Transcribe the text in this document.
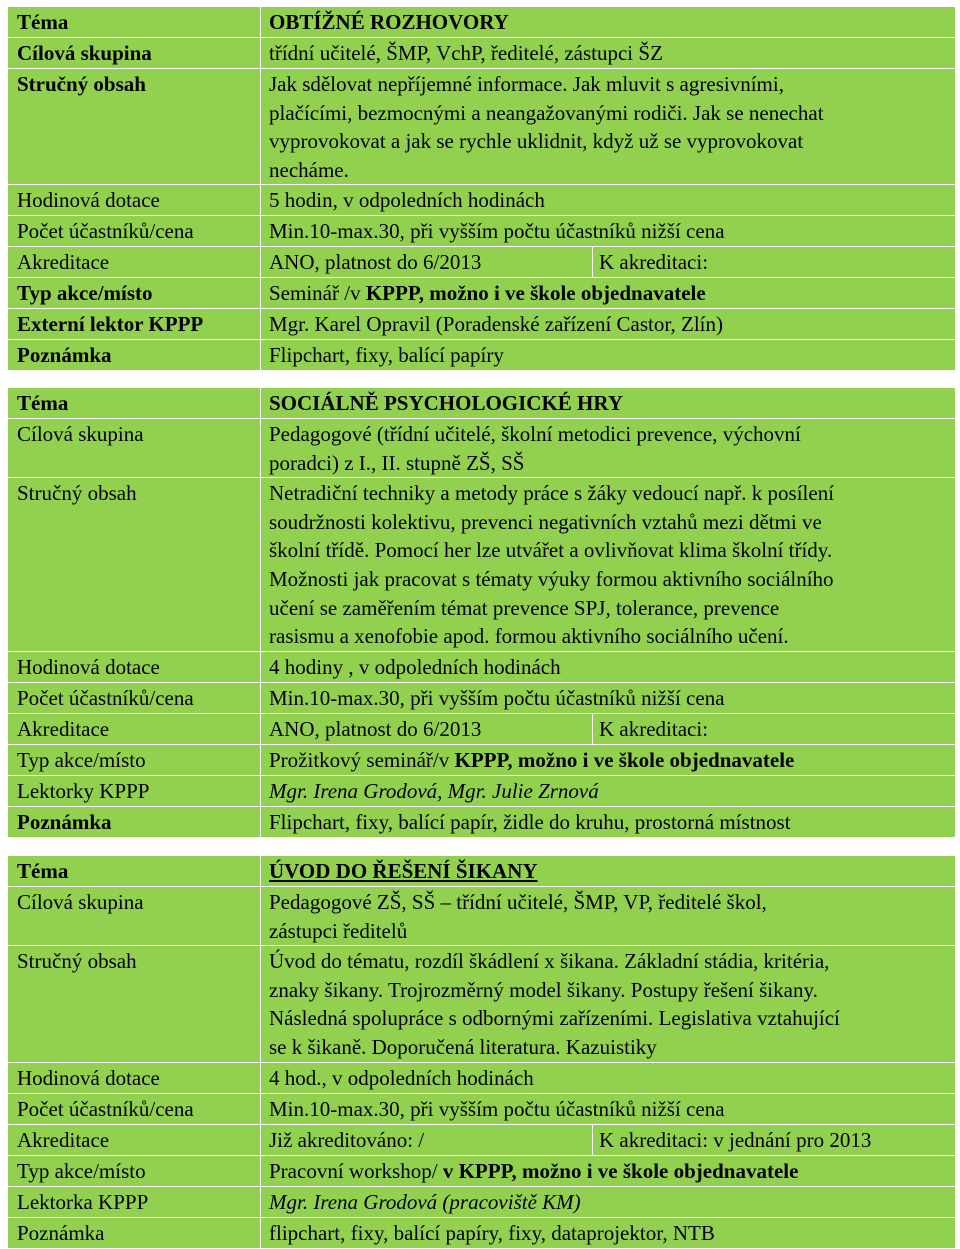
Téma	OBTÍŽNÉ ROZHOVORY
Cílová skupina	třídní učitelé, ŠMP, VchP, ředitelé, zástupci ŠZ
Stručný obsah	Jak sdělovat nepříjemné informace. Jak mluvit s agresivními,
plačícími, bezmocnými a neangažovanými rodiči. Jak se nenechat
vyprovokovat a jak se rychle uklidnit, když už se vyprovokovat
necháme.
Hodinová dotace	5 hodin, v odpoledních hodinách
Počet účastníků/cena	Min.10-max.30, při vyšším počtu účastníků nižší cena
Akreditace	ANO, platnost do 6/2013	K akreditaci:
Typ akce/místo	Seminář /v KPPP, možno i ve škole objednavatele
Externí lektor KPPP	Mgr. Karel Opravil (Poradenské zařízení Castor, Zlín)
Poznámka	Flipchart, fixy, balící papíry
Téma	SOCIÁLNĚ PSYCHOLOGICKÉ HRY
Cílová skupina	Pedagogové (třídní učitelé, školní metodici prevence, výchovní
poradci) z I., II. stupně ZŠ, SŠ
Stručný obsah	Netradiční techniky a metody práce s žáky vedoucí např. k posílení
soudržnosti kolektivu, prevenci negativních vztahů mezi dětmi ve
školní třídě. Pomocí her lze utvářet a ovlivňovat klima školní třídy.
Možnosti jak pracovat s tématy výuky formou aktivního sociálního
učení se zaměřením témat prevence SPJ, tolerance, prevence
rasismu a xenofobie apod. formou aktivního sociálního učení.
Hodinová dotace	4 hodiny , v odpoledních hodinách
Počet účastníků/cena	Min.10-max.30, při vyšším počtu účastníků nižší cena
Akreditace	ANO, platnost do 6/2013	K akreditaci:
Typ akce/místo	Prožitkový seminář/v KPPP, možno i ve škole objednavatele
Lektorky KPPP	Mgr. Irena Grodová, Mgr. Julie Zrnová
Poznámka	Flipchart, fixy, balící papír, židle do kruhu, prostorná místnost
Téma	ÚVOD DO ŘEŠENÍ ŠIKANY
Cílová skupina	Pedagogové ZŠ, SŠ – třídní učitelé, ŠMP, VP, ředitelé škol,
zástupci ředitelů
Stručný obsah	Úvod do tématu, rozdíl škádlení x šikana. Základní stádia, kritéria,
znaky šikany. Trojrozměrný model šikany. Postupy řešení šikany.
Následná spolupráce s odbornými zařízeními. Legislativa vztahující
se k šikaně. Doporučená literatura. Kazuistiky
Hodinová dotace	4 hod., v odpoledních hodinách
Počet účastníků/cena	Min.10-max.30, při vyšším počtu účastníků nižší cena
Akreditace	Již akreditováno: /	K akreditaci: v jednání pro 2013
Typ akce/místo	Pracovní workshop/ v KPPP, možno i ve škole objednavatele
Lektorka KPPP	Mgr. Irena Grodová (pracoviště KM)
Poznámka	flipchart, fixy, balící papíry, fixy, dataprojektor, NTB
